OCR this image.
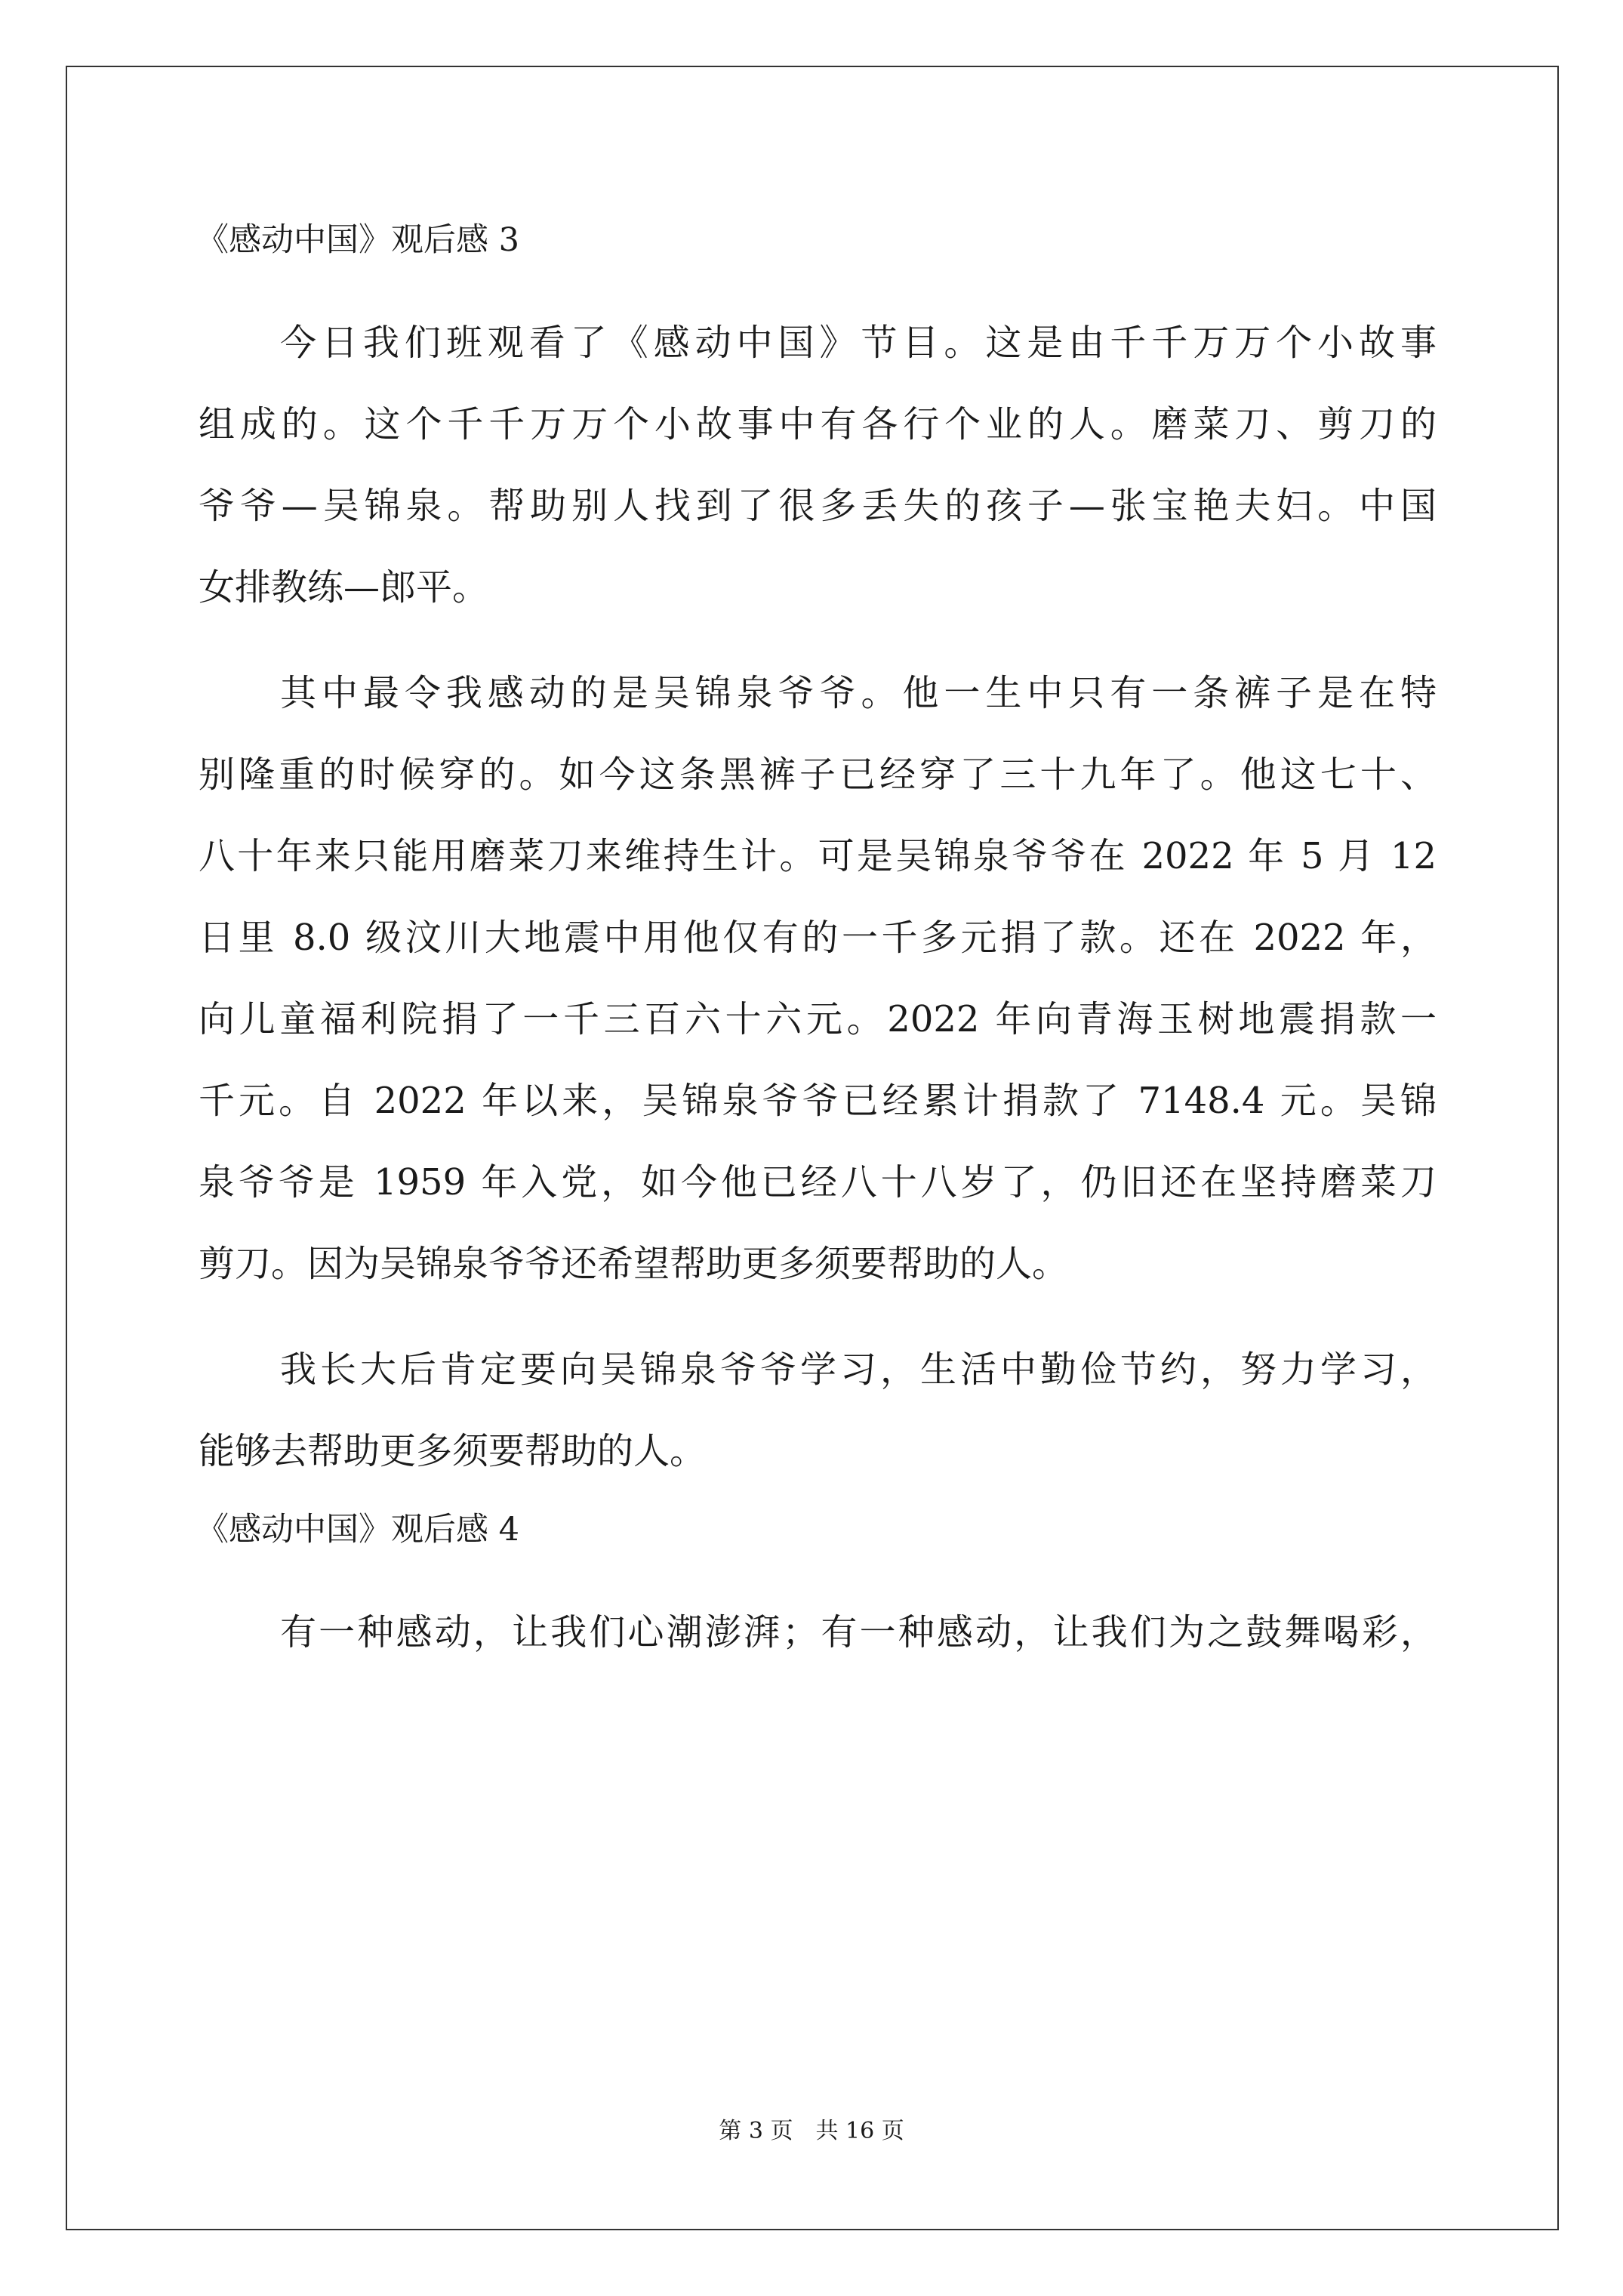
《感动中国》观后感 3

今日我们班观看了《感动中国》节目。这是由千千万万个小故事
组成的。这个千千万万个小故事中有各行个业的人。磨菜刀、剪刀的
爷爷—吴锦泉。帮助别人找到了很多丢失的孩子—张宝艳夫妇。中国
女排教练—郎平。

其中最令我感动的是吴锦泉爷爷。他一生中只有一条裤子是在特
别隆重的时候穿的。如今这条黑裤子已经穿了三十九年了。他这七十、
八十年来只能用磨菜刀来维持生计。可是吴锦泉爷爷在 2022 年 5 月 12
日里 8.0 级汶川大地震中用他仅有的一千多元捐了款。还在 2022 年，
向儿童福利院捐了一千三百六十六元。2022 年向青海玉树地震捐款一
千元。自 2022 年以来，吴锦泉爷爷已经累计捐款了 7148.4 元。吴锦
泉爷爷是 1959 年入党，如今他已经八十八岁了，仍旧还在坚持磨菜刀
剪刀。因为吴锦泉爷爷还希望帮助更多须要帮助的人。

我长大后肯定要向吴锦泉爷爷学习，生活中勤俭节约，努力学习，
能够去帮助更多须要帮助的人。

《感动中国》观后感 4

有一种感动，让我们心潮澎湃；有一种感动，让我们为之鼓舞喝彩，

第 3 页　共 16 页
